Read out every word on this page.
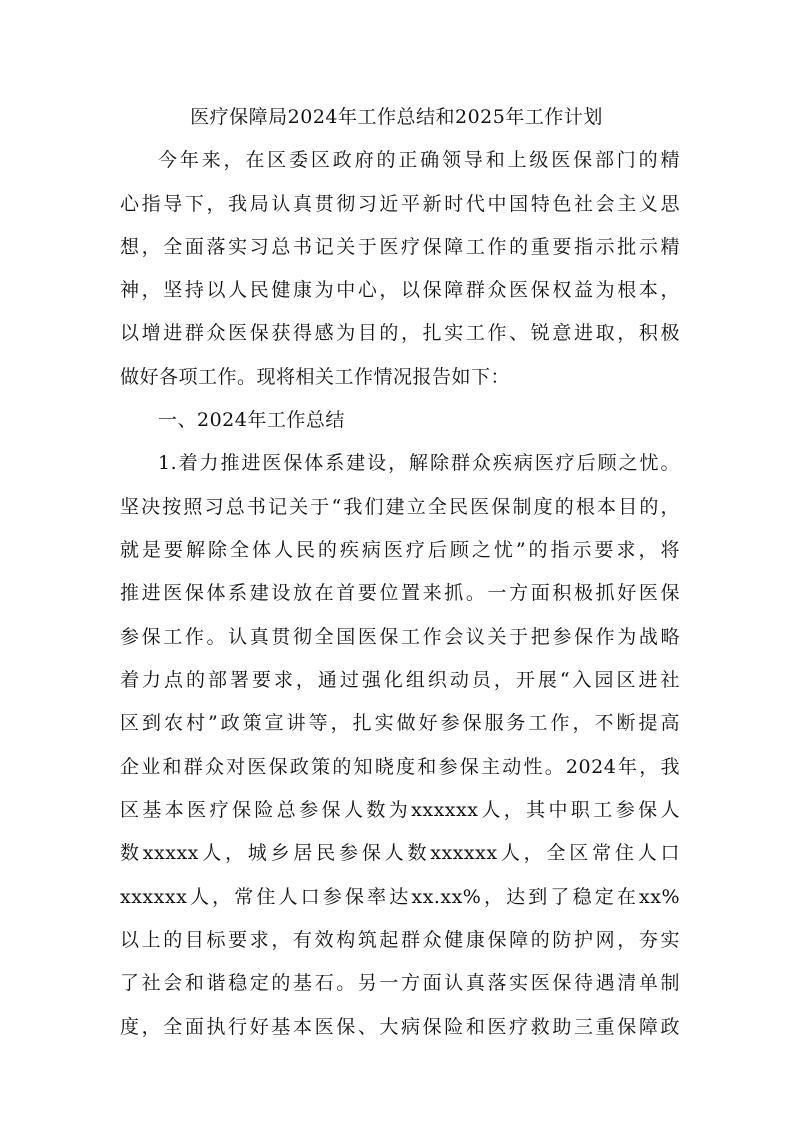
医疗保障局2024年工作总结和2025年工作计划
今年来，在区委区政府的正确领导和上级医保部门的精
心指导下，我局认真贯彻习近平新时代中国特色社会主义思
想，全面落实习总书记关于医疗保障工作的重要指示批示精
神，坚持以人民健康为中心，以保障群众医保权益为根本，
以增进群众医保获得感为目的，扎实工作、锐意进取，积极
做好各项工作。现将相关工作情况报告如下：
一、2024年工作总结
1.着力推进医保体系建设，解除群众疾病医疗后顾之忧。
坚决按照习总书记关于“我们建立全民医保制度的根本目的，
就是要解除全体人民的疾病医疗后顾之忧”的指示要求，将
推进医保体系建设放在首要位置来抓。一方面积极抓好医保
参保工作。认真贯彻全国医保工作会议关于把参保作为战略
着力点的部署要求，通过强化组织动员，开展“入园区进社
区到农村”政策宣讲等，扎实做好参保服务工作，不断提高
企业和群众对医保政策的知晓度和参保主动性。2024年，我
区基本医疗保险总参保人数为xxxxxx人，其中职工参保人
数xxxxx人，城乡居民参保人数xxxxxx人，全区常住人口
xxxxxx人，常住人口参保率达xx.xx%，达到了稳定在xx%
以上的目标要求，有效构筑起群众健康保障的防护网，夯实
了社会和谐稳定的基石。另一方面认真落实医保待遇清单制
度，全面执行好基本医保、大病保险和医疗救助三重保障政
